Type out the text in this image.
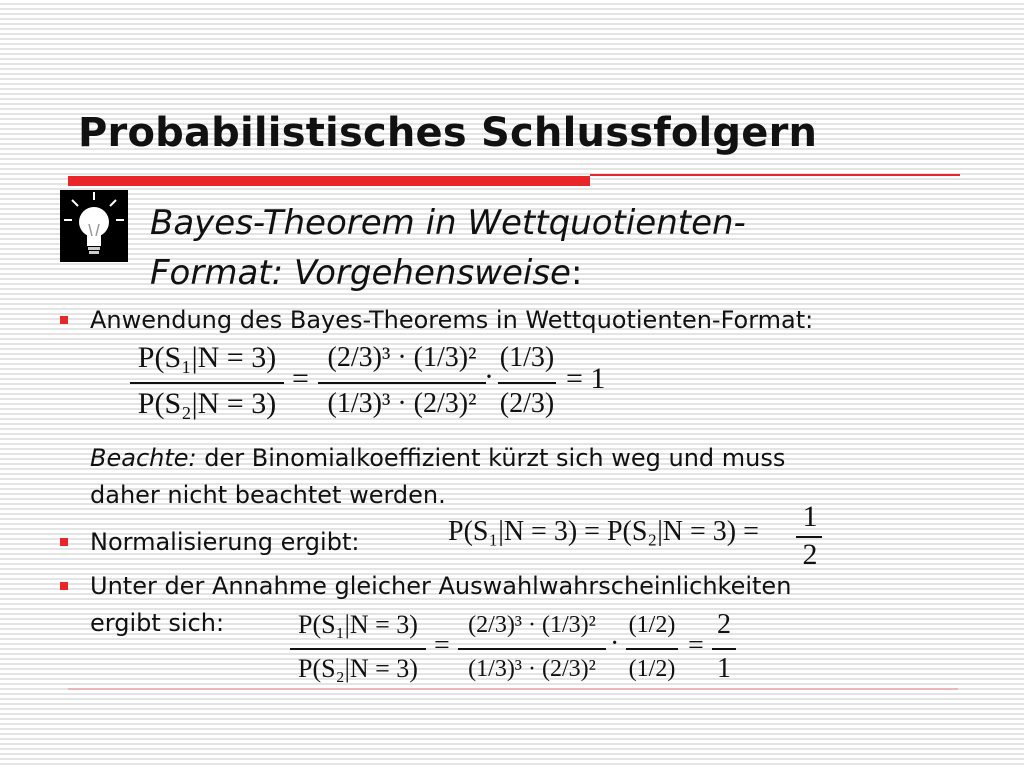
Probabilistisches Schlussfolgern
Bayes-Theorem in Wettquotienten-
Format: Vorgehensweise:
Anwendung des Bayes-Theorems in Wettquotienten-Format:
P(S₁|N = 3)
P(S₂|N = 3)
=
(2/3)³ · (1/3)²
(1/3)³ · (2/3)²
·
(1/3)
(2/3)
= 1
Beachte: der Binomialkoeffizient kürzt sich weg und muss
daher nicht beachtet werden.
Normalisierung ergibt:	P(S₁|N = 3) = P(S₂|N = 3) = 1
2
Unter der Annahme gleicher Auswahlwahrscheinlichkeiten
ergibt sich:	P(S₁|N = 3)
P(S₂|N = 3)
=
(2/3)³ · (1/3)²
(1/3)³ · (2/3)²
·
(1/2)
(1/2)
=
2
1
